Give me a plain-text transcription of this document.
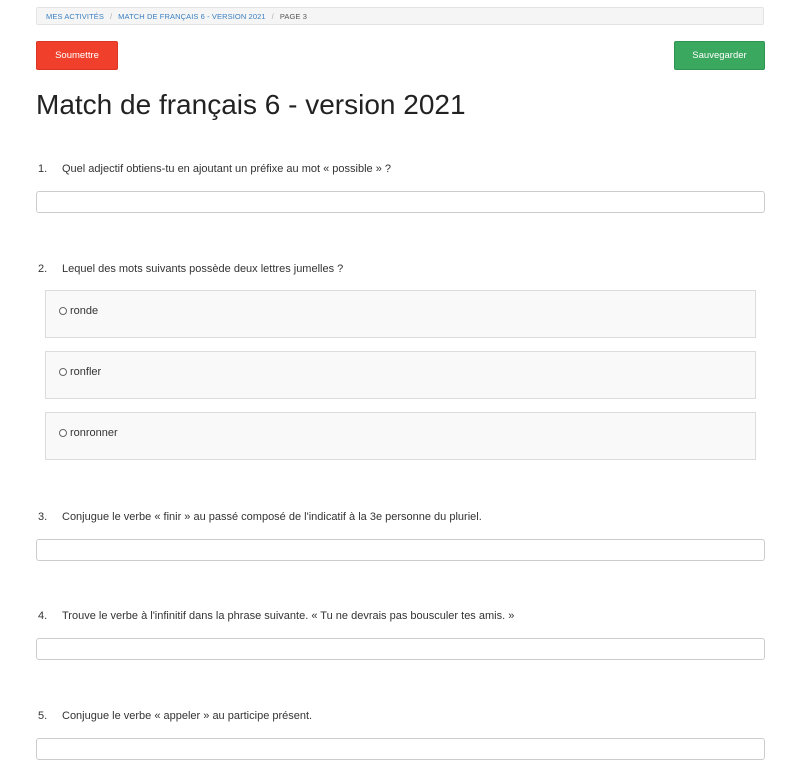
MES ACTIVITÉS / MATCH DE FRANÇAIS 6 - VERSION 2021 / PAGE 3
Soumettre	Sauvegarder
Match de français 6 - version 2021
1. Quel adjectif obtiens-tu en ajoutant un préfixe au mot « possible » ?
2. Lequel des mots suivants possède deux lettres jumelles ?
ronde
ronfler
ronronner
3. Conjugue le verbe « finir » au passé composé de l'indicatif à la 3e personne du pluriel.
4. Trouve le verbe à l'infinitif dans la phrase suivante. « Tu ne devrais pas bousculer tes amis. »
5. Conjugue le verbe « appeler » au participe présent.
